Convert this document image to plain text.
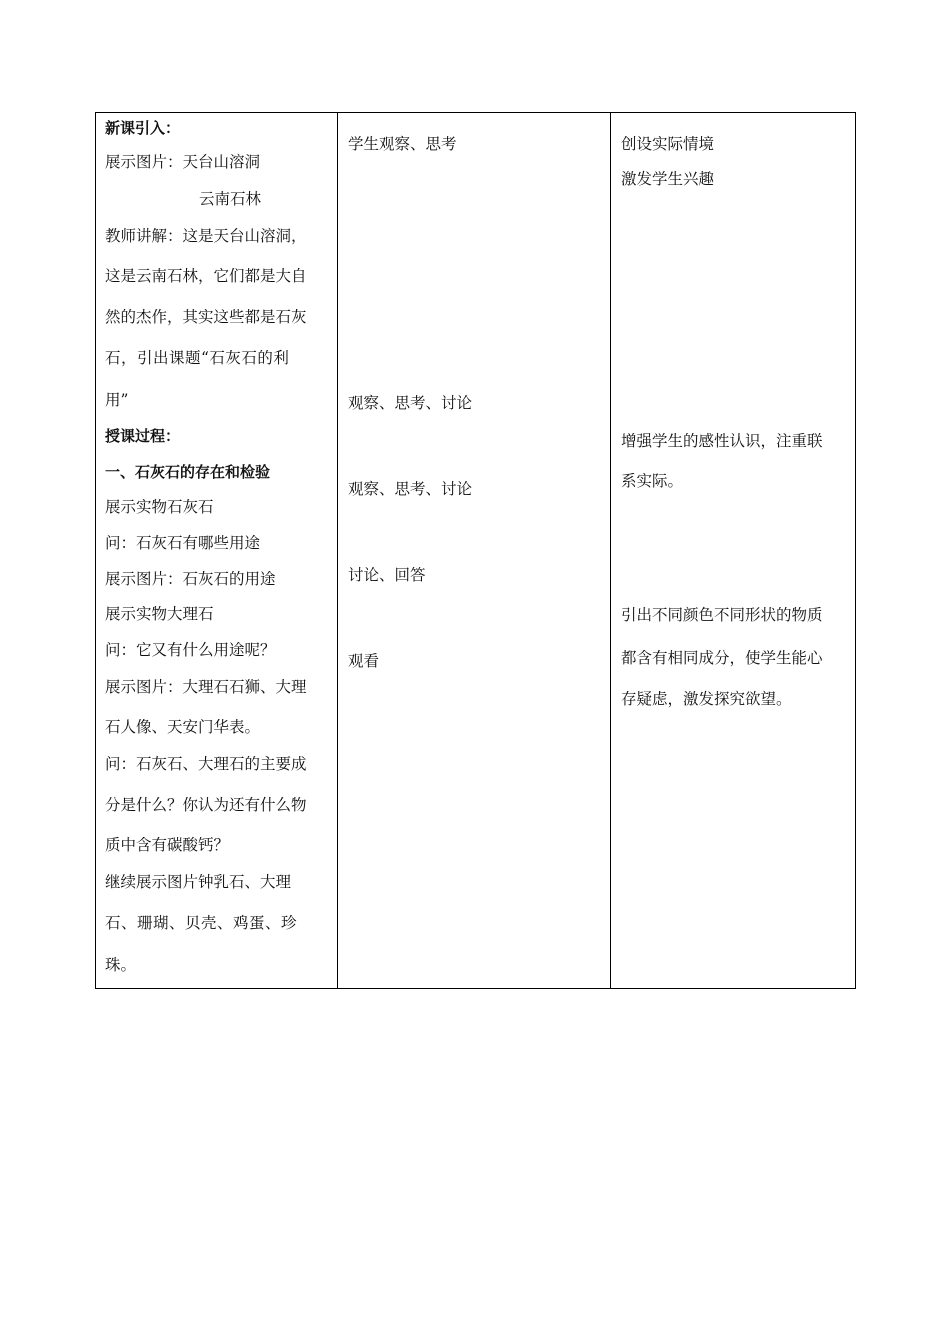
新课引入：
展示图片：天台山溶洞
云南石林
教师讲解：这是天台山溶洞，
这是云南石林，它们都是大自
然的杰作，其实这些都是石灰
石，引出课题“石灰石的利
用”
授课过程：
一、石灰石的存在和检验
展示实物石灰石
问：石灰石有哪些用途
展示图片：石灰石的用途
展示实物大理石
问：它又有什么用途呢？
展示图片：大理石石狮、大理
石人像、天安门华表。
问：石灰石、大理石的主要成
分是什么？你认为还有什么物
质中含有碳酸钙？
继续展示图片钟乳石、大理
石、珊瑚、贝壳、鸡蛋、珍
珠。

学生观察、思考
观察、思考、讨论
观察、思考、讨论
讨论、回答
观看

创设实际情境
激发学生兴趣
增强学生的感性认识，注重联
系实际。
引出不同颜色不同形状的物质
都含有相同成分，使学生能心
存疑虑，激发探究欲望。
